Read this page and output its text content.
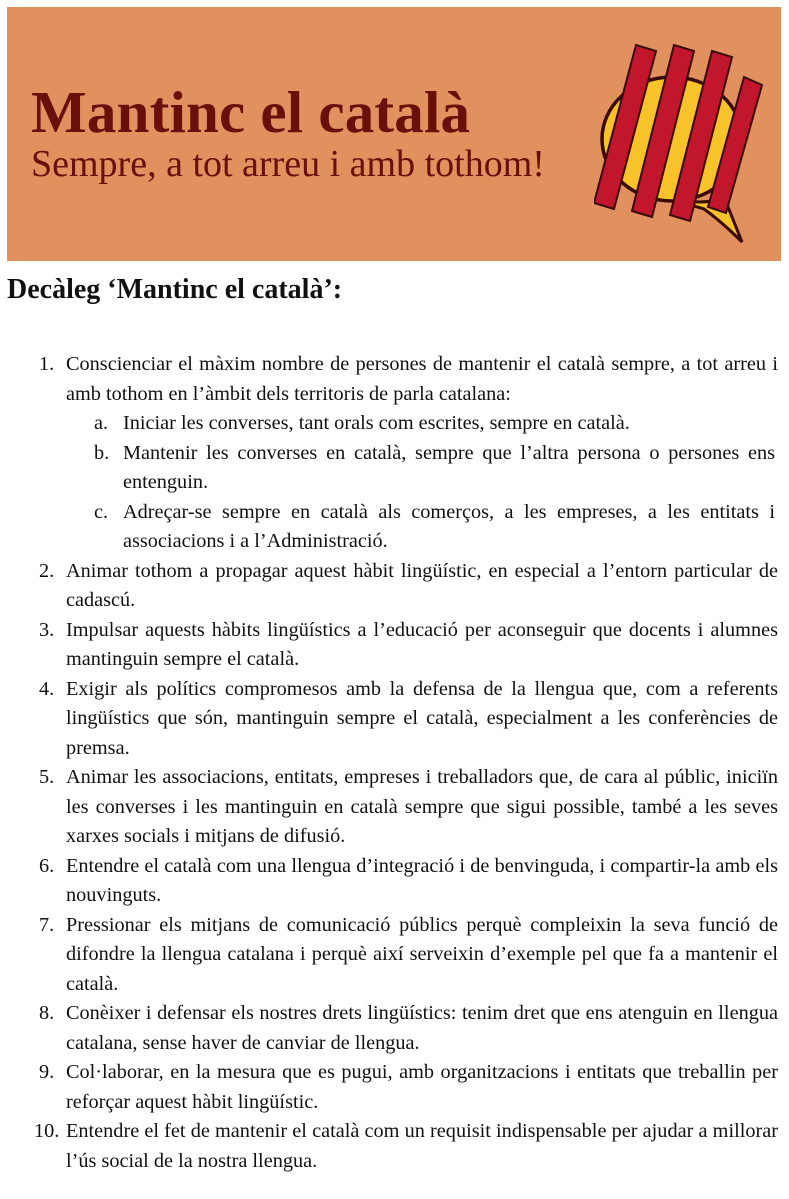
Mantinc el català
Sempre, a tot arreu i amb tothom!
Decàleg ‘Mantinc el català’:
1. Conscienciar el màxim nombre de persones de mantenir el català sempre, a tot arreu i amb tothom en l’àmbit dels territoris de parla catalana:
a. Iniciar les converses, tant orals com escrites, sempre en català.
b. Mantenir les converses en català, sempre que l’altra persona o persones ens entenguin.
c. Adreçar-se sempre en català als comerços, a les empreses, a les entitats i associacions i a l’Administració.
2. Animar tothom a propagar aquest hàbit lingüístic, en especial a l’entorn particular de cadascú.
3. Impulsar aquests hàbits lingüístics a l’educació per aconseguir que docents i alumnes mantinguin sempre el català.
4. Exigir als polítics compromesos amb la defensa de la llengua que, com a referents lingüístics que són, mantinguin sempre el català, especialment a les conferències de premsa.
5. Animar les associacions, entitats, empreses i treballadors que, de cara al públic, iniciïn les converses i les mantinguin en català sempre que sigui possible, també a les seves xarxes socials i mitjans de difusió.
6. Entendre el català com una llengua d’integració i de benvinguda, i compartir-la amb els nouvinguts.
7. Pressionar els mitjans de comunicació públics perquè compleixin la seva funció de difondre la llengua catalana i perquè així serveixin d’exemple pel que fa a mantenir el català.
8. Conèixer i defensar els nostres drets lingüístics: tenim dret que ens atenguin en llengua catalana, sense haver de canviar de llengua.
9. Col·laborar, en la mesura que es pugui, amb organitzacions i entitats que treballin per reforçar aquest hàbit lingüístic.
10. Entendre el fet de mantenir el català com un requisit indispensable per ajudar a millorar l’ús social de la nostra llengua.
